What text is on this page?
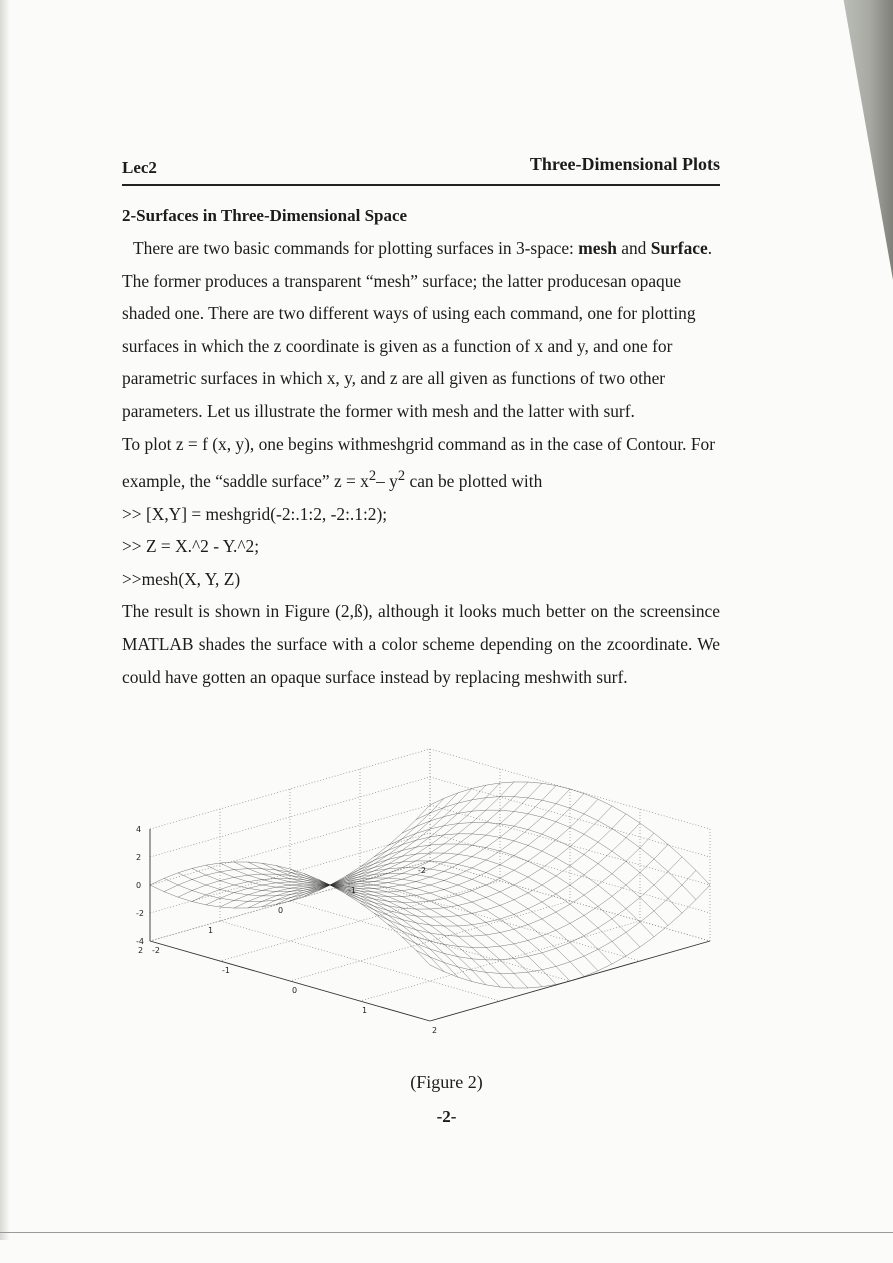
Lec2	Three-Dimensional Plots
2-Surfaces in Three-Dimensional Space

There are two basic commands for plotting surfaces in 3-space: mesh and Surface. The former produces a transparent “mesh” surface; the latter producesan opaque shaded one. There are two different ways of using each command, one for plotting surfaces in which the z coordinate is given as a function of x and y, and one for parametric surfaces in which x, y, and z are all given as functions of two other parameters. Let us illustrate the former with mesh and the latter with surf.

To plot z = f (x, y), one begins withmeshgrid command as in the case of Contour. For example, the “saddle surface” $z = x^2-$ $y^2$ can be plotted with

>> [X,Y] = meshgrid(-2:.1:2, -2:.1:2);

>> Z = X.^2 - Y.^2;

>>mesh(X, Y, Z)

The result is shown in Figure (2,ß), although it looks much better on the screensince MATLAB shades the surface with a color scheme depending on the zcoordinate. We could have gotten an opaque surface instead by replacing meshwith surf.

4
2
0
-2
-4
2
1
0
-1
-2
-2
-1
0
1
2
(Figure 2)
-2-
